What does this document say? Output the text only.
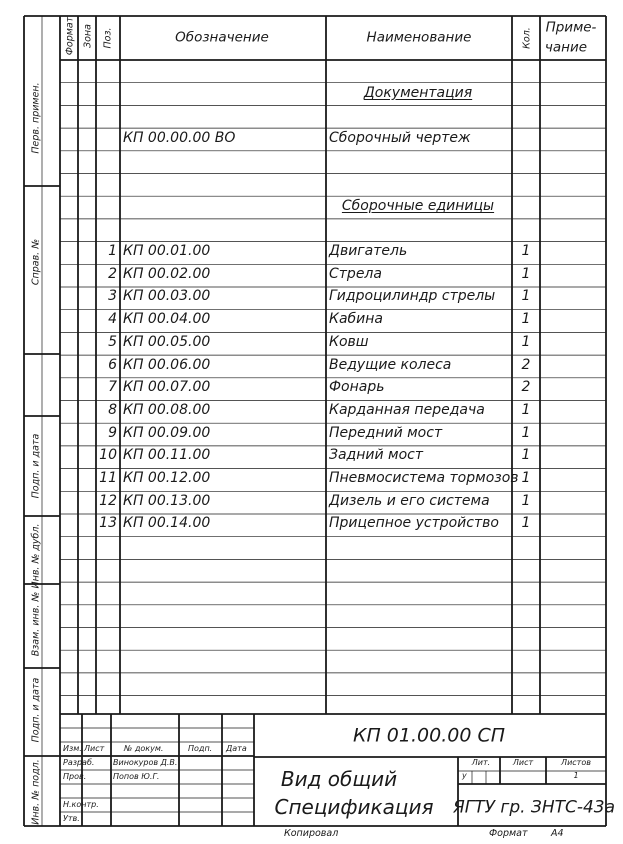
Формат Зона Поз.	Обозначение	Наименование	Кол. Приме-
чание
Перв. примен.
Справ. №
Подп. и дата
Инв. № дубл.
Взам. инв. №
Подп. и дата
Инв. № подл.
Документация
Сборочные единицы
КП 00.00.00 ВО	Сборочный чертеж
1 КП 00.01.00	Двигатель	1
2 КП 00.02.00	Стрела	1
3 КП 00.03.00	Гидроцилиндр стрелы 1
4 КП 00.04.00	Кабина	1
5 КП 00.05.00	Ковш	1
6 КП 00.06.00	Ведущие колеса	2
7 КП 00.07.00	Фонарь	2
8 КП 00.08.00	Карданная передача	1
9 КП 00.09.00	Передний мост	1
10 КП 00.11.00	Задний мост	1
11 КП 00.12.00	Пневмосистема тормозов 1
12 КП 00.13.00	Дизель и его система 1
13 КП 00.14.00	Прицепное устройство 1
КП 01.00.00 СП
Изм. Лист № докум.	Подп. Дата
Разраб. Винокуров Д.В.
Пров.	Попов Ю.Г.
Н.контр.
Утв.
Вид общий
Спецификация
Лит.	Лист	Листов
у	1
ЯГТУ гр. ЗНТС-43а
Копировал	Формат А4
